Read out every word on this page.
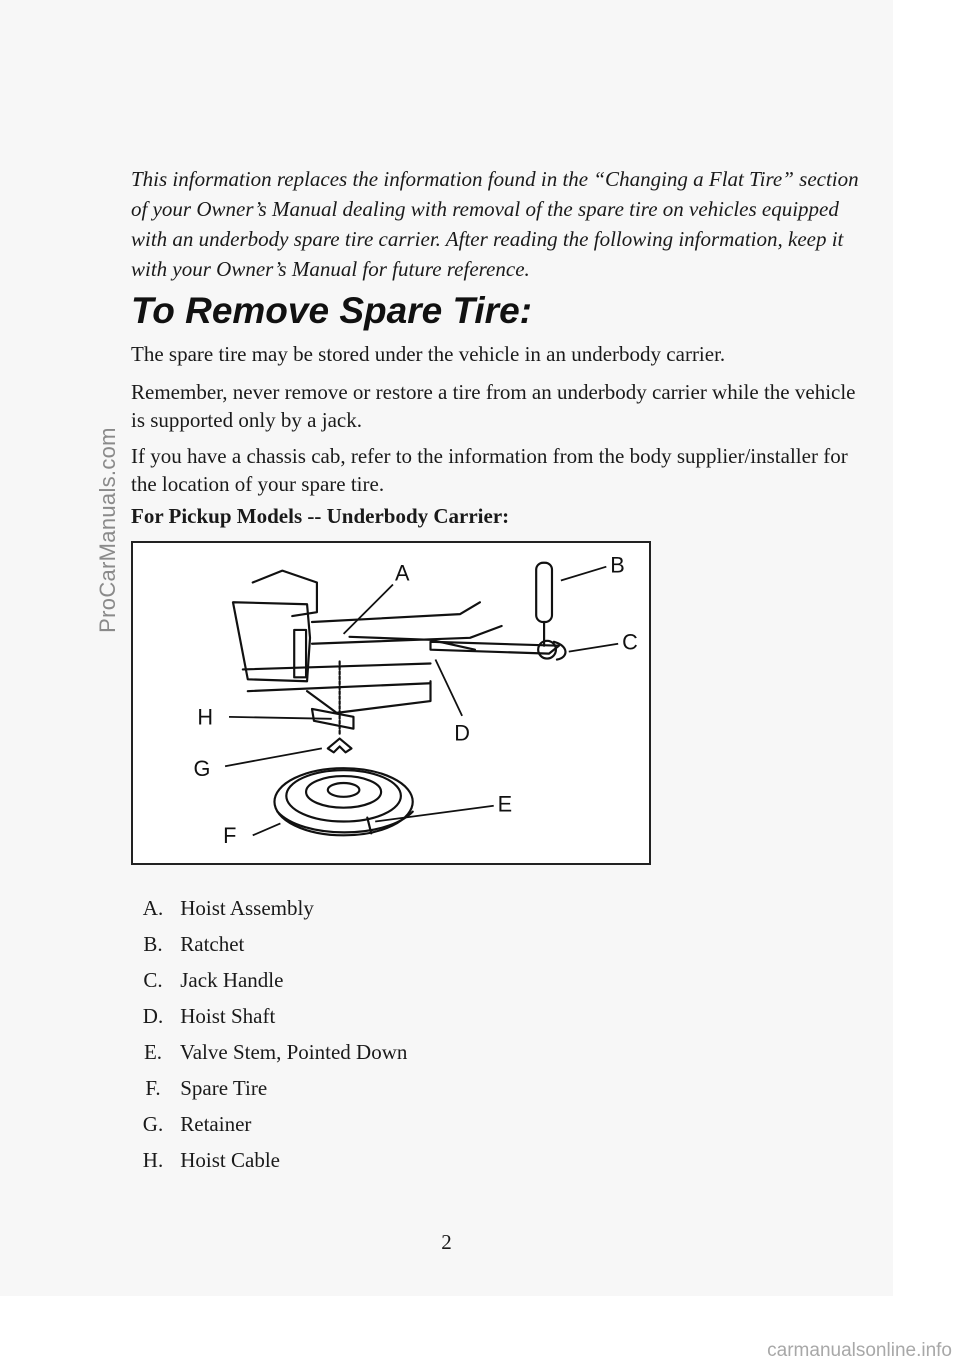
ProCarManuals.com

This information replaces the information found in the “Changing a Flat Tire” section of your Owner’s Manual dealing with removal of the spare tire on vehicles equipped with an underbody spare tire carrier. After reading the following information, keep it with your Owner’s Manual for future reference.

To Remove Spare Tire:

The spare tire may be stored under the vehicle in an underbody carrier.

Remember, never remove or restore a tire from an underbody carrier while the vehicle is supported only by a jack.

If you have a chassis cab, refer to the information from the body supplier/installer for the location of your spare tire.

For Pickup Models -- Underbody Carrier:

A	B
C
D
E
F
G
H
A. Hoist Assembly
B. Ratchet
C. Jack Handle
D. Hoist Shaft
E. Valve Stem, Pointed Down
F. Spare Tire
G. Retainer
H. Hoist Cable
2
carmanualsonline.info
